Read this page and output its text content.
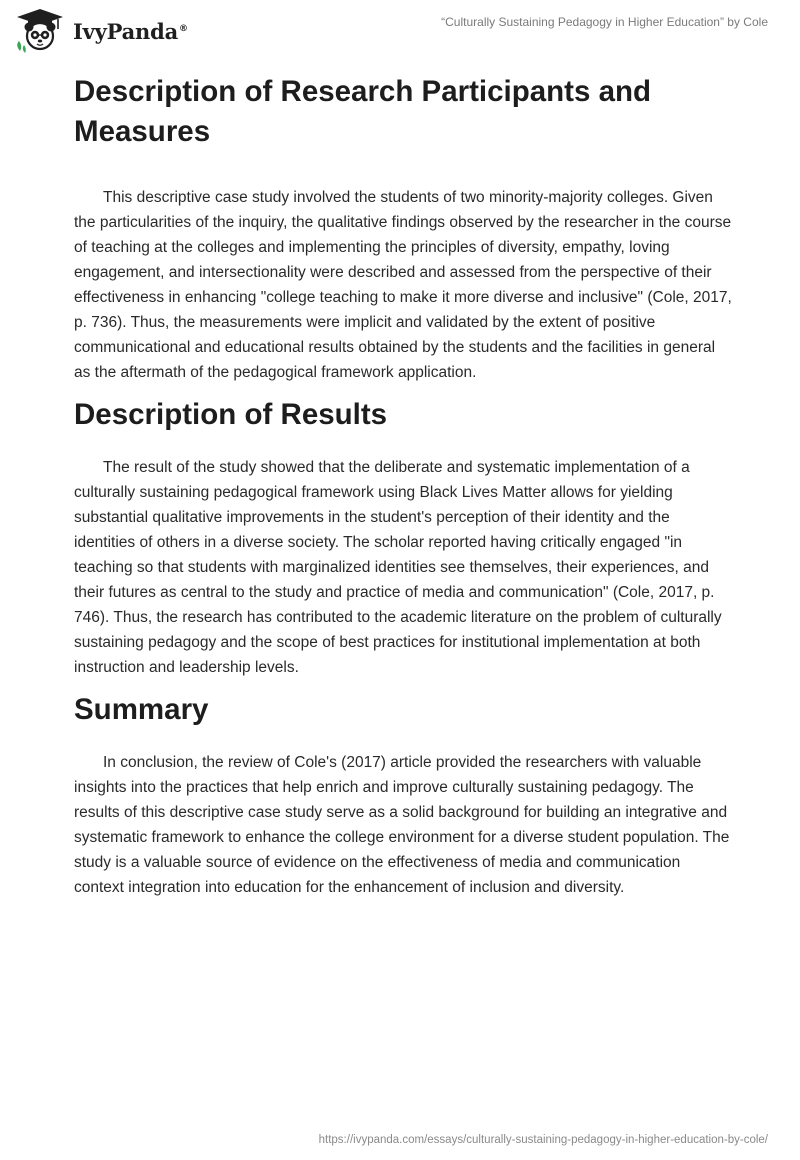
IvyPanda®	“Culturally Sustaining Pedagogy in Higher Education” by Cole
Description of Research Participants and Measures

This descriptive case study involved the students of two minority-majority colleges. Given the particularities of the inquiry, the qualitative findings observed by the researcher in the course of teaching at the colleges and implementing the principles of diversity, empathy, loving engagement, and intersectionality were described and assessed from the perspective of their effectiveness in enhancing "college teaching to make it more diverse and inclusive" (Cole, 2017, p. 736). Thus, the measurements were implicit and validated by the extent of positive communicational and educational results obtained by the students and the facilities in general as the aftermath of the pedagogical framework application.

Description of Results

The result of the study showed that the deliberate and systematic implementation of a culturally sustaining pedagogical framework using Black Lives Matter allows for yielding substantial qualitative improvements in the student's perception of their identity and the identities of others in a diverse society. The scholar reported having critically engaged "in teaching so that students with marginalized identities see themselves, their experiences, and their futures as central to the study and practice of media and communication" (Cole, 2017, p. 746). Thus, the research has contributed to the academic literature on the problem of culturally sustaining pedagogy and the scope of best practices for institutional implementation at both instruction and leadership levels.

Summary

In conclusion, the review of Cole's (2017) article provided the researchers with valuable insights into the practices that help enrich and improve culturally sustaining pedagogy. The results of this descriptive case study serve as a solid background for building an integrative and systematic framework to enhance the college environment for a diverse student population. The study is a valuable source of evidence on the effectiveness of media and communication context integration into education for the enhancement of inclusion and diversity.

https://ivypanda.com/essays/culturally-sustaining-pedagogy-in-higher-education-by-cole/
